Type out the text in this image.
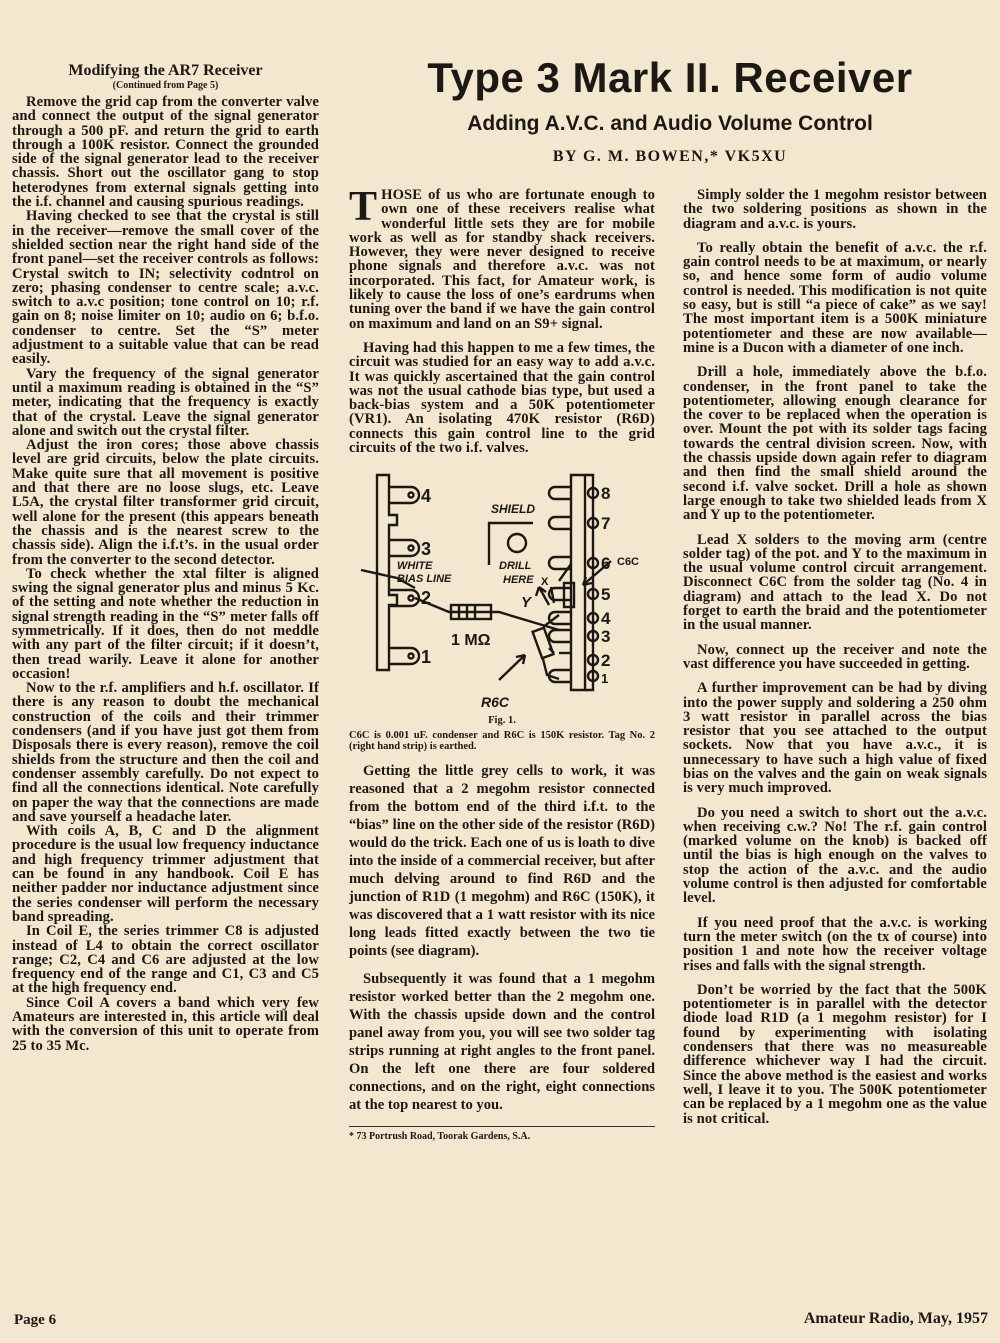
Modifying the AR7 Receiver

(Continued from Page 5)

Remove the grid cap from the converter valve and connect the output of the signal generator through a 500 pF. and return the grid to earth through a 100K resistor. Connect the grounded side of the signal generator lead to the receiver chassis. Short out the oscillator gang to stop heterodynes from external signals getting into the i.f. channel and causing spurious readings.

Having checked to see that the crystal is still in the receiver—remove the small cover of the shielded section near the right hand side of the front panel—set the receiver controls as follows: Crystal switch to IN; selectivity codntrol on zero; phasing condenser to centre scale; a.v.c. switch to a.v.c position; tone control on 10; r.f. gain on 8; noise limiter on 10; audio on 6; b.f.o. condenser to centre. Set the “S” meter adjustment to a suitable value that can be read easily.

Vary the frequency of the signal generator until a maximum reading is obtained in the “S” meter, indicating that the frequency is exactly that of the crystal. Leave the signal generator alone and switch out the crystal filter.

Adjust the iron cores; those above chassis level are grid circuits, below the plate circuits. Make quite sure that all movement is positive and that there are no loose slugs, etc. Leave L5A, the crystal filter transformer grid circuit, well alone for the present (this appears beneath the chassis and is the nearest screw to the chassis side). Align the i.f.t’s. in the usual order from the converter to the second detector.

To check whether the xtal filter is aligned swing the signal generator plus and minus 5 Kc. of the setting and note whether the reduction in signal strength reading in the “S” meter falls off symmetrically. If it does, then do not meddle with any part of the filter circuit; if it doesn’t, then tread warily. Leave it alone for another occasion!

Now to the r.f. amplifiers and h.f. oscillator. If there is any reason to doubt the mechanical construction of the coils and their trimmer condensers (and if you have just got them from Disposals there is every reason), remove the coil shields from the structure and then the coil and condenser assembly carefully. Do not expect to find all the connections identical. Note carefully on paper the way that the connections are made and save yourself a headache later.

With coils A, B, C and D the alignment procedure is the usual low frequency inductance and high frequency trimmer adjustment that can be found in any handbook. Coil E has neither padder nor inductance adjustment since the series condenser will perform the necessary band spreading.

In Coil E, the series trimmer C8 is adjusted instead of L4 to obtain the correct oscillator range; C2, C4 and C6 are adjusted at the low frequency end of the range and C1, C3 and C5 at the high frequency end.

Since Coil A covers a band which very few Amateurs are interested in, this article will deal with the conversion of this unit to operate from 25 to 35 Mc.

Type 3 Mark II. Receiver
Adding A.V.C. and Audio Volume Control

BY G. M. BOWEN,* VK5XU

THOSE of us who are fortunate enough to own one of these receivers realise what wonderful little sets they are for mobile work as well as for standby shack receivers. However, they were never designed to receive phone signals and therefore a.v.c. was not incorporated. This fact, for Amateur work, is likely to cause the loss of one’s eardrums when tuning over the band if we have the gain control on maximum and land on an S9+ signal.

Having had this happen to me a few times, the circuit was studied for an easy way to add a.v.c. It was quickly ascertained that the gain control was not the usual cathode bias type, but used a back-bias system and a 50K potentiometer (VR1). An isolating 470K resistor (R6D) connects this gain control line to the grid circuits of the two i.f. valves.

4
3
2
1
SHIELD
DRILL
HERE
WHITE
BIAS LINE
1 MΩ
R6C
C6C
X
Y
8
7
6
5
4
3
2
1
Fig. 1.

C6C is 0.001 uF. condenser and R6C is 150K resistor. Tag No. 2 (right hand strip) is earthed.

Getting the little grey cells to work, it was reasoned that a 2 megohm resistor connected from the bottom end of the third i.f.t. to the “bias” line on the other side of the resistor (R6D) would do the trick. Each one of us is loath to dive into the inside of a commercial receiver, but after much delving around to find R6D and the junction of R1D (1 megohm) and R6C (150K), it was discovered that a 1 watt resistor with its nice long leads fitted exactly between the two tie points (see diagram).

Subsequently it was found that a 1 megohm resistor worked better than the 2 megohm one. With the chassis upside down and the control panel away from you, you will see two solder tag strips running at right angles to the front panel. On the left one there are four soldered connections, and on the right, eight connections at the top nearest to you.

* 73 Portrush Road, Toorak Gardens, S.A.

Simply solder the 1 megohm resistor between the two soldering positions as shown in the diagram and a.v.c. is yours.

To really obtain the benefit of a.v.c. the r.f. gain control needs to be at maximum, or nearly so, and hence some form of audio volume control is needed. This modification is not quite so easy, but is still “a piece of cake” as we say! The most important item is a 500K miniature potentiometer and these are now available—mine is a Ducon with a diameter of one inch.

Drill a hole, immediately above the b.f.o. condenser, in the front panel to take the potentiometer, allowing enough clearance for the cover to be replaced when the operation is over. Mount the pot with its solder tags facing towards the central division screen. Now, with the chassis upside down again refer to diagram and then find the small shield around the second i.f. valve socket. Drill a hole as shown large enough to take two shielded leads from X and Y up to the potentiometer.

Lead X solders to the moving arm (centre solder tag) of the pot. and Y to the maximum in the usual volume control circuit arrangement. Disconnect C6C from the solder tag (No. 4 in diagram) and attach to the lead X. Do not forget to earth the braid and the potentiometer in the usual manner.

Now, connect up the receiver and note the vast difference you have succeeded in getting.

A further improvement can be had by diving into the power supply and soldering a 250 ohm 3 watt resistor in parallel across the bias resistor that you see attached to the output sockets. Now that you have a.v.c., it is unnecessary to have such a high value of fixed bias on the valves and the gain on weak signals is very much improved.

Do you need a switch to short out the a.v.c. when receiving c.w.? No! The r.f. gain control (marked volume on the knob) is backed off until the bias is high enough on the valves to stop the action of the a.v.c. and the audio volume control is then adjusted for comfortable level.

If you need proof that the a.v.c. is working turn the meter switch (on the tx of course) into position 1 and note how the receiver voltage rises and falls with the signal strength.

Don’t be worried by the fact that the 500K potentiometer is in parallel with the detector diode load R1D (a 1 megohm resistor) for I found by experimenting with isolating condensers that there was no measureable difference whichever way I had the circuit. Since the above method is the easiest and works well, I leave it to you. The 500K potentiometer can be replaced by a 1 megohm one as the value is not critical.

Page 6	Amateur Radio, May, 1957
